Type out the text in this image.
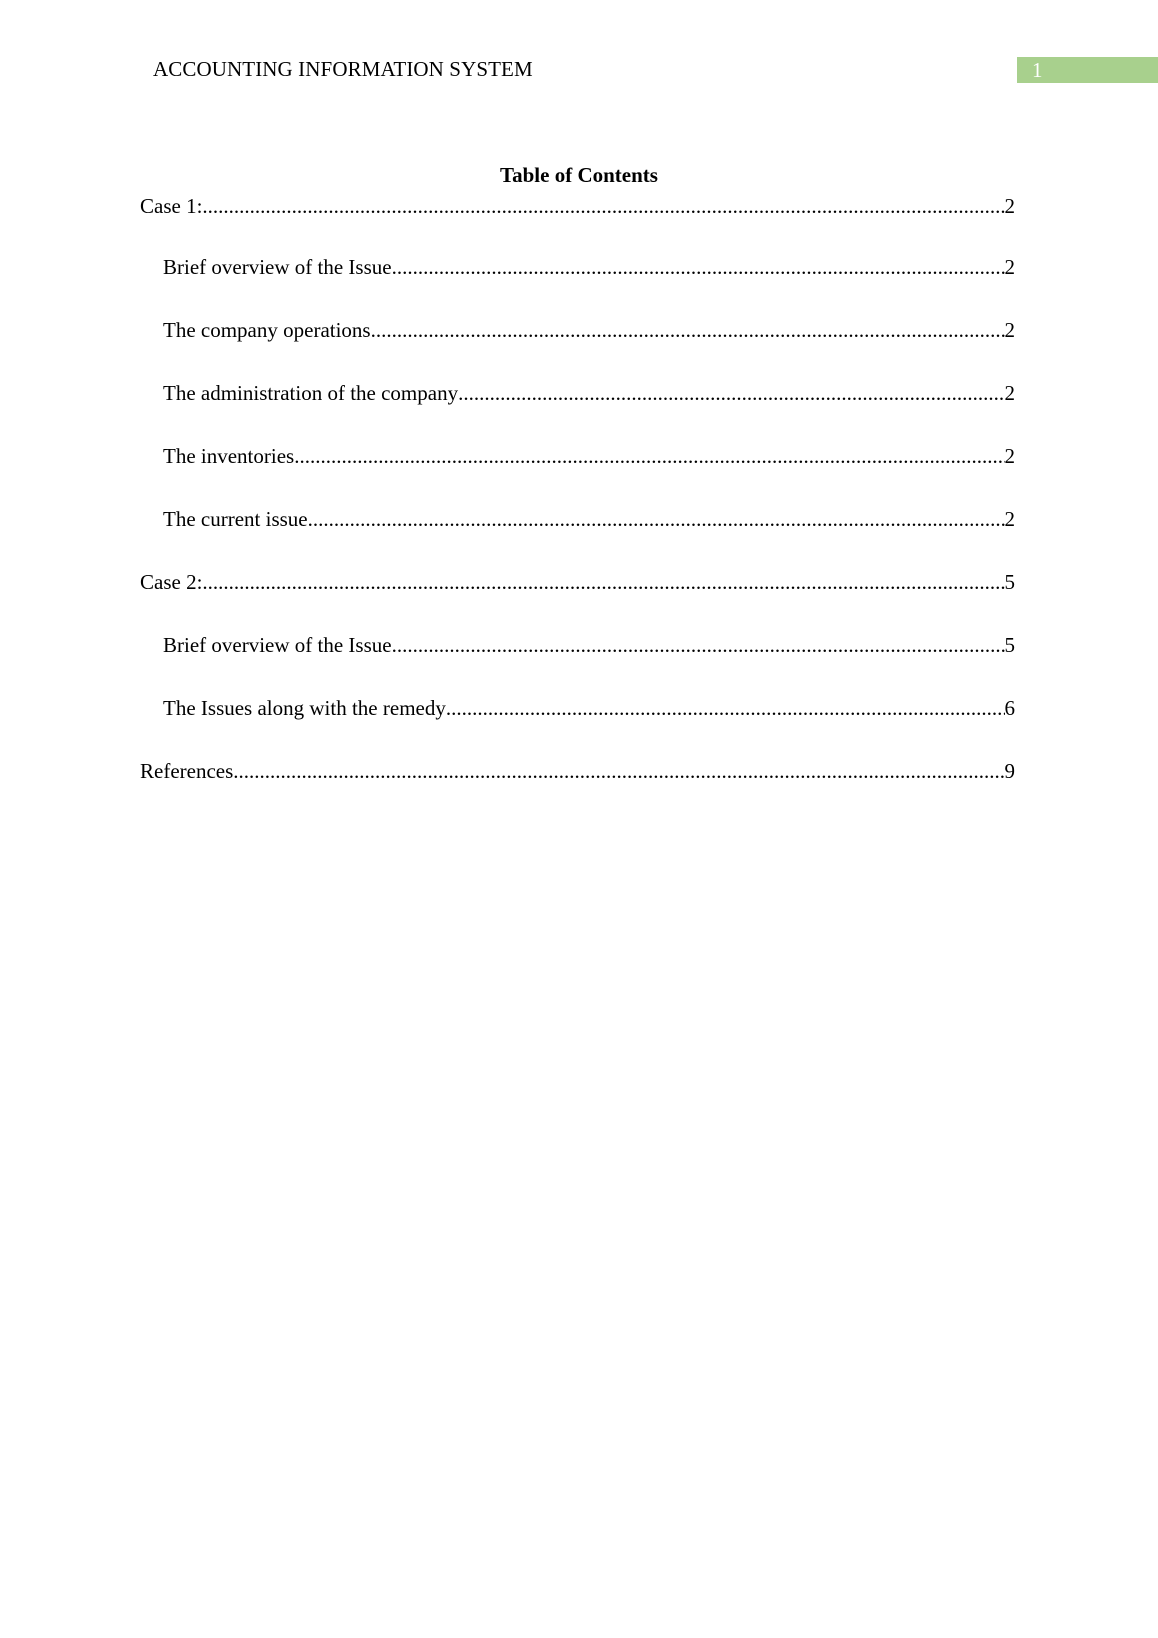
ACCOUNTING INFORMATION SYSTEM	1
Table of Contents
Case 1: .....	2
Brief overview of the Issue .....	2
The company operations .....	2
The administration of the company .....	2
The inventories .....	2
The current issue .....	2
Case 2: .....	5
Brief overview of the Issue .....	5
The Issues along with the remedy .....	6
References .....	9
